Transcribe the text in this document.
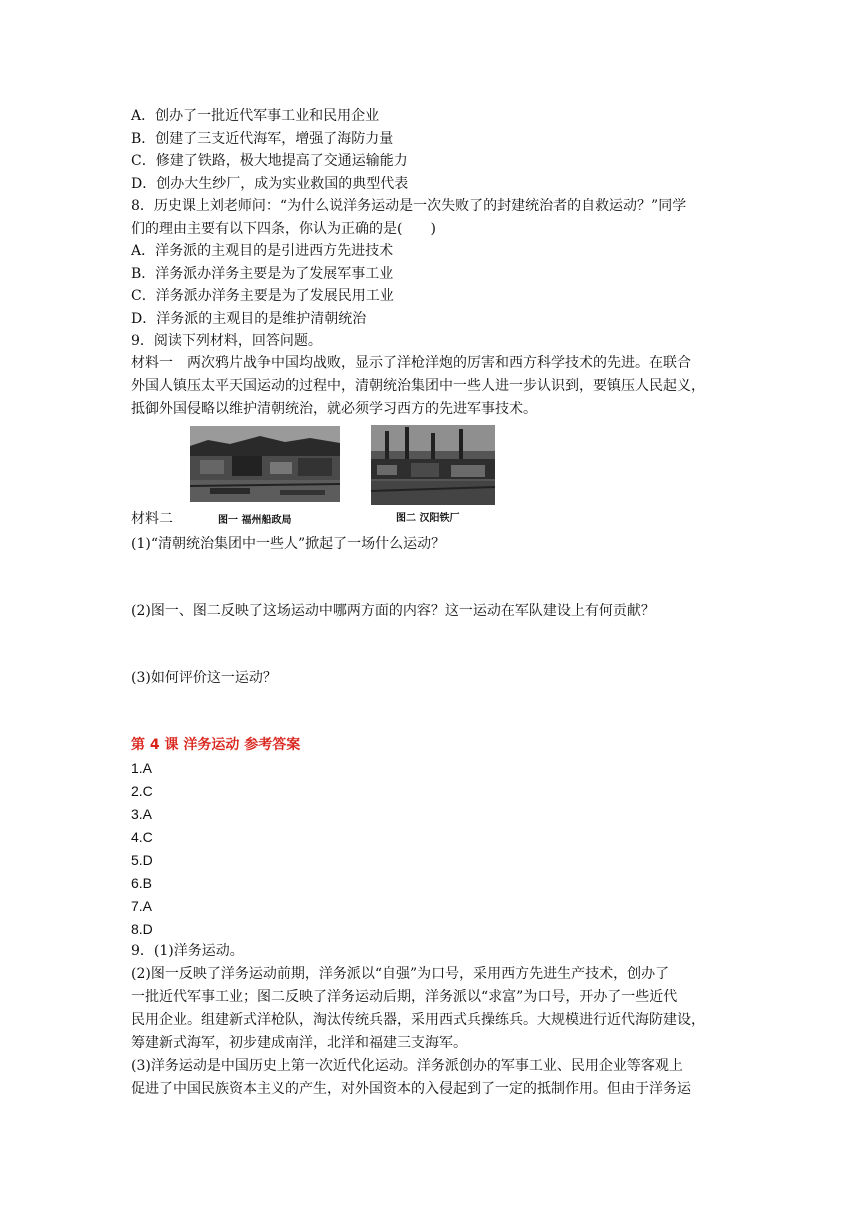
A．创办了一批近代军事工业和民用企业
B．创建了三支近代海军，增强了海防力量
C．修建了铁路，极大地提高了交通运输能力
D．创办大生纱厂，成为实业救国的典型代表
8．历史课上刘老师问：“为什么说洋务运动是一次失败了的封建统治者的自救运动？”同学
们的理由主要有以下四条，你认为正确的是(　　)
A．洋务派的主观目的是引进西方先进技术
B．洋务派办洋务主要是为了发展军事工业
C．洋务派办洋务主要是为了发展民用工业
D．洋务派的主观目的是维护清朝统治
9．阅读下列材料，回答问题。
材料一　两次鸦片战争中国均战败，显示了洋枪洋炮的厉害和西方科学技术的先进。在联合
外国人镇压太平天国运动的过程中，清朝统治集团中一些人进一步认识到，要镇压人民起义，
抵御外国侵略以维护清朝统治，就必须学习西方的先进军事技术。
材料二	图一 福州船政局	图二 汉阳铁厂
(1)“清朝统治集团中一些人”掀起了一场什么运动？
(2)图一、图二反映了这场运动中哪两方面的内容？这一运动在军队建设上有何贡献？
(3)如何评价这一运动？
第 4 课 洋务运动 参考答案
1.A
2.C
3.A
4.C
5.D
6.B
7.A
8.D
9．(1)洋务运动。
(2)图一反映了洋务运动前期，洋务派以“自强”为口号，采用西方先进生产技术，创办了
一批近代军事工业；图二反映了洋务运动后期，洋务派以“求富”为口号，开办了一些近代
民用企业。组建新式洋枪队，淘汰传统兵器，采用西式兵操练兵。大规模进行近代海防建设，
筹建新式海军，初步建成南洋，北洋和福建三支海军。
(3)洋务运动是中国历史上第一次近代化运动。洋务派创办的军事工业、民用企业等客观上
促进了中国民族资本主义的产生，对外国资本的入侵起到了一定的抵制作用。但由于洋务运
